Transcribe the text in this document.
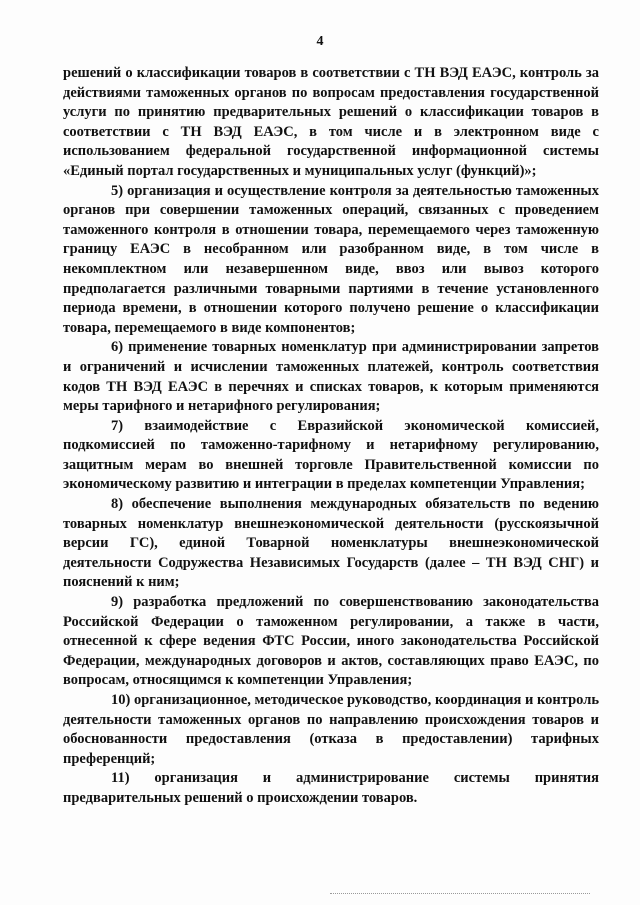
4

решений о классификации товаров в соответствии с ТН ВЭД ЕАЭС, контроль за действиями таможенных органов по вопросам предоставления государственной услуги по принятию предварительных решений о классификации товаров в соответствии с ТН ВЭД ЕАЭС, в том числе и в электронном виде с использованием федеральной государственной информационной системы «Единый портал государственных и муниципальных услуг (функций)»;

5) организация и осуществление контроля за деятельностью таможенных органов при совершении таможенных операций, связанных с проведением таможенного контроля в отношении товара, перемещаемого через таможенную границу ЕАЭС в несобранном или разобранном виде, в том числе в некомплектном или незавершенном виде, ввоз или вывоз которого предполагается различными товарными партиями в течение установленного периода времени, в отношении которого получено решение о классификации товара, перемещаемого в виде компонентов;

6) применение товарных номенклатур при администрировании запретов и ограничений и исчислении таможенных платежей, контроль соответствия кодов ТН ВЭД ЕАЭС в перечнях и списках товаров, к которым применяются меры тарифного и нетарифного регулирования;

7) взаимодействие с Евразийской экономической комиссией, подкомиссией по таможенно-тарифному и нетарифному регулированию, защитным мерам во внешней торговле Правительственной комиссии по экономическому развитию и интеграции в пределах компетенции Управления;

8) обеспечение выполнения международных обязательств по ведению товарных номенклатур внешнеэкономической деятельности (русскоязычной версии ГС), единой Товарной номенклатуры внешнеэкономической деятельности Содружества Независимых Государств (далее – ТН ВЭД СНГ) и пояснений к ним;

9) разработка предложений по совершенствованию законодательства Российской Федерации о таможенном регулировании, а также в части, отнесенной к сфере ведения ФТС России, иного законодательства Российской Федерации, международных договоров и актов, составляющих право ЕАЭС, по вопросам, относящимся к компетенции Управления;

10) организационное, методическое руководство, координация и контроль деятельности таможенных органов по направлению происхождения товаров и обоснованности предоставления (отказа в предоставлении) тарифных преференций;

11) организация и администрирование системы принятия предварительных решений о происхождении товаров.
